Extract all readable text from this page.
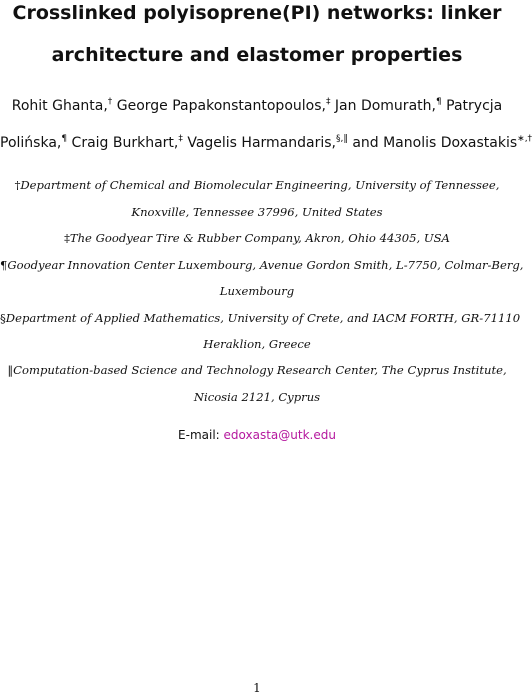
Crosslinked polyisoprene(PI) networks: linker
architecture and elastomer properties
Rohit Ghanta,† George Papakonstantopoulos,‡ Jan Domurath,¶ Patrycja
Polińska,¶ Craig Burkhart,‡ Vagelis Harmandaris,§,‖ and Manolis Doxastakis∗,†
†Department of Chemical and Biomolecular Engineering, University of Tennessee,
Knoxville, Tennessee 37996, United States
‡The Goodyear Tire & Rubber Company, Akron, Ohio 44305, USA
¶Goodyear Innovation Center Luxembourg, Avenue Gordon Smith, L-7750, Colmar-Berg,
Luxembourg
§Department of Applied Mathematics, University of Crete, and IACM FORTH, GR-71110
Heraklion, Greece
‖Computation-based Science and Technology Research Center, The Cyprus Institute,
Nicosia 2121, Cyprus
E-mail: edoxasta@utk.edu
1
